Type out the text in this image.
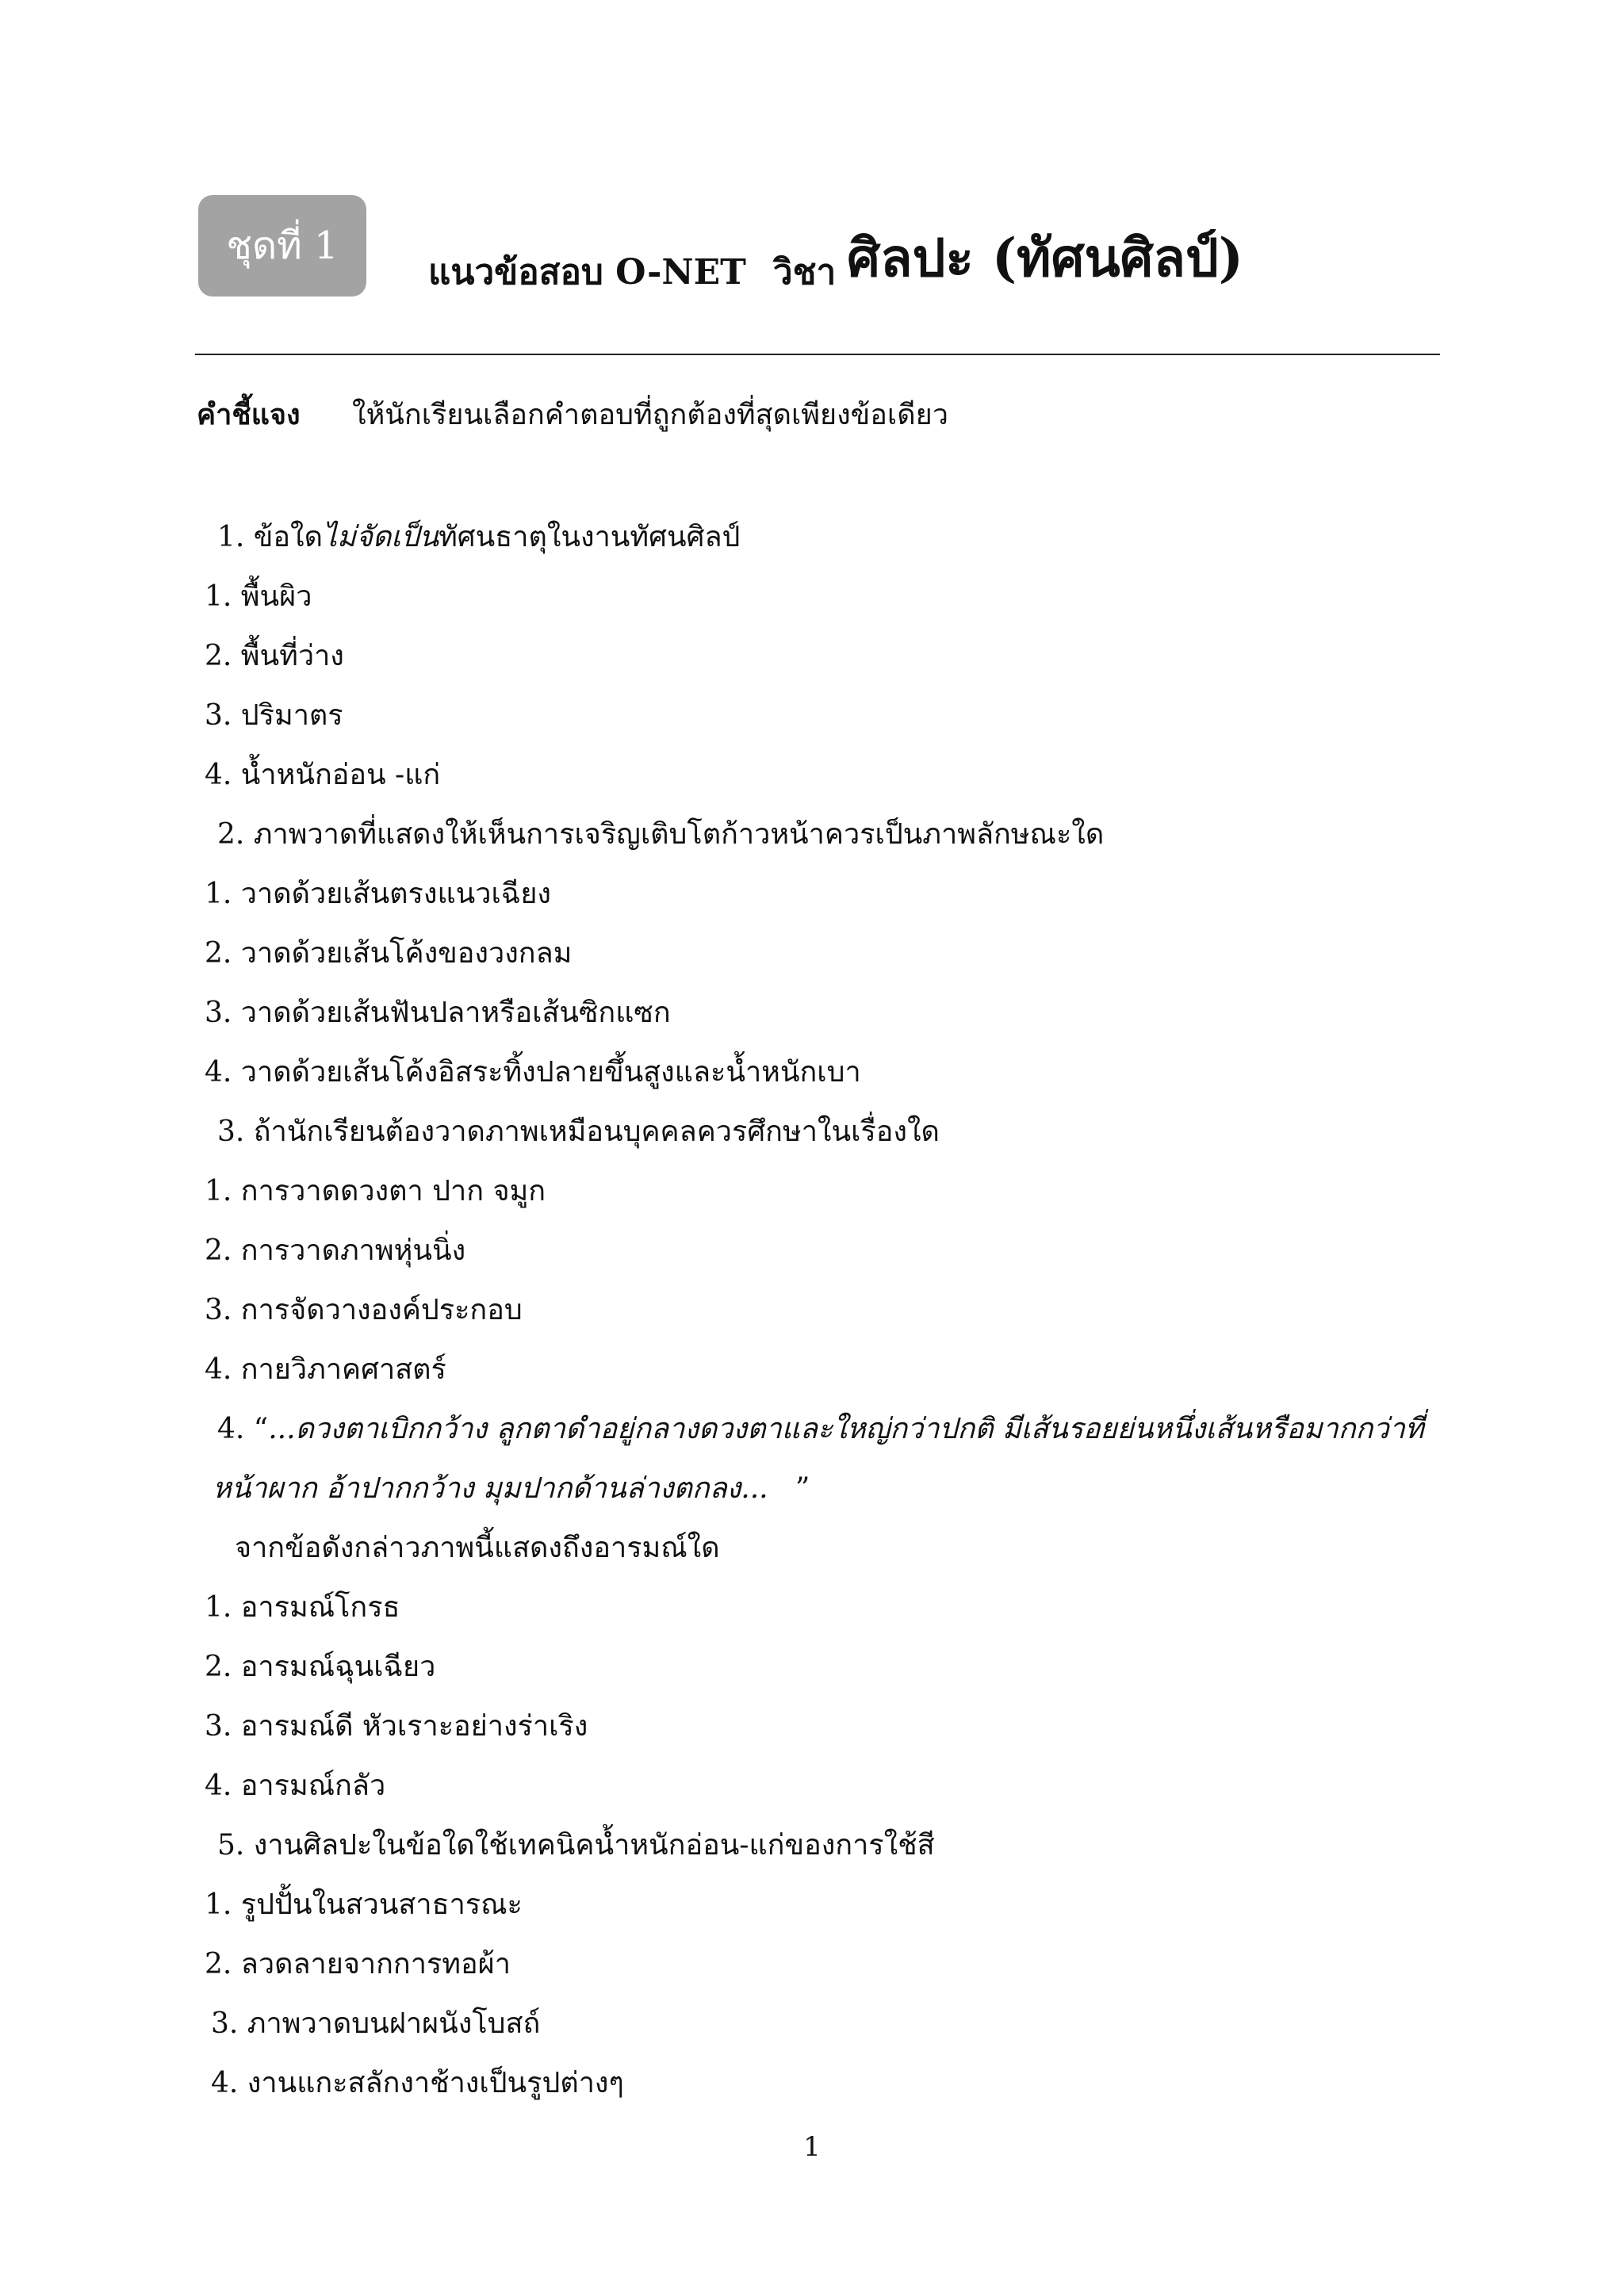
ชุดที่ 1
แนวข้อสอบ O-NET วิชา ศิลปะ (ทัศนศิลป์)
คำชี้แจง ให้นักเรียนเลือกคำตอบที่ถูกต้องที่สุดเพียงข้อเดียว
1. ข้อใดไม่จัดเป็นทัศนธาตุในงานทัศนศิลป์
1. พื้นผิว
2. พื้นที่ว่าง
3. ปริมาตร
4. น้ำหนักอ่อน -แก่
2. ภาพวาดที่แสดงให้เห็นการเจริญเติบโตก้าวหน้าควรเป็นภาพลักษณะใด
1. วาดด้วยเส้นตรงแนวเฉียง
2. วาดด้วยเส้นโค้งของวงกลม
3. วาดด้วยเส้นฟันปลาหรือเส้นซิกแซก
4. วาดด้วยเส้นโค้งอิสระทิ้งปลายขึ้นสูงและน้ำหนักเบา
3. ถ้านักเรียนต้องวาดภาพเหมือนบุคคลควรศึกษาในเรื่องใด
1. การวาดดวงตา ปาก จมูก
2. การวาดภาพหุ่นนิ่ง
3. การจัดวางองค์ประกอบ
4. กายวิภาคศาสตร์
4. “...ดวงตาเบิกกว้าง ลูกตาดำอยู่กลางดวงตาและใหญ่กว่าปกติ มีเส้นรอยย่นหนึ่งเส้นหรือมากกว่าที่
หน้าผาก อ้าปากกว้าง มุมปากด้านล่างตกลง...   ”
จากข้อดังกล่าวภาพนี้แสดงถึงอารมณ์ใด
1. อารมณ์โกรธ
2. อารมณ์ฉุนเฉียว
3. อารมณ์ดี หัวเราะอย่างร่าเริง
4. อารมณ์กลัว
5. งานศิลปะในข้อใดใช้เทคนิคน้ำหนักอ่อน-แก่ของการใช้สี
1. รูปปั้นในสวนสาธารณะ
2. ลวดลายจากการทอผ้า
3. ภาพวาดบนฝาผนังโบสถ์
4. งานแกะสลักงาช้างเป็นรูปต่างๆ
1
